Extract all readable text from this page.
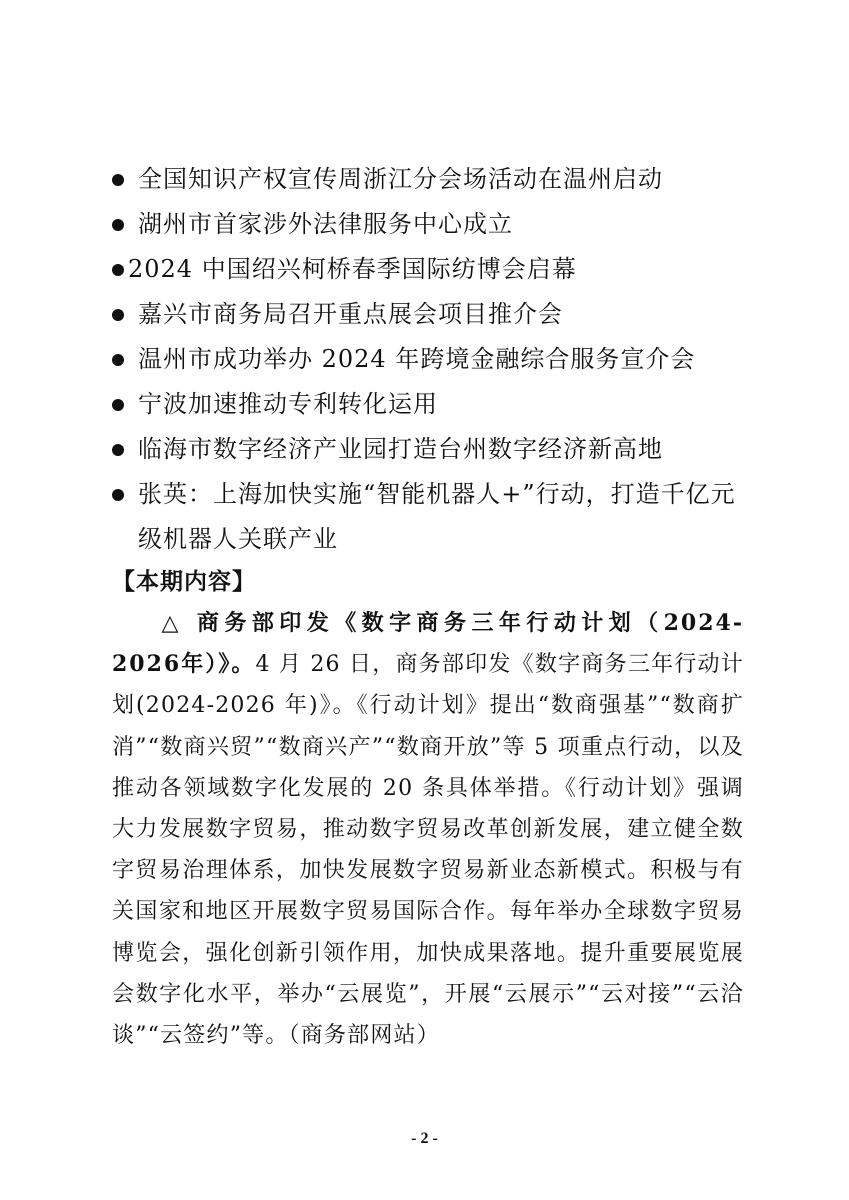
全国知识产权宣传周浙江分会场活动在温州启动
湖州市首家涉外法律服务中心成立
2024 中国绍兴柯桥春季国际纺博会启幕
嘉兴市商务局召开重点展会项目推介会
温州市成功举办 2024 年跨境金融综合服务宣介会
宁波加速推动专利转化运用
临海市数字经济产业园打造台州数字经济新高地
张英：上海加快实施“智能机器人+”行动，打造千亿元级机器人关联产业
【本期内容】
△ 商务部印发《数字商务三年行动计划（2024-2026年）》。4 月 26 日，商务部印发《数字商务三年行动计划(2024-2026 年)》。《行动计划》提出“数商强基”“数商扩消”“数商兴贸”“数商兴产”“数商开放”等 5 项重点行动，以及推动各领域数字化发展的 20 条具体举措。《行动计划》强调大力发展数字贸易，推动数字贸易改革创新发展，建立健全数字贸易治理体系，加快发展数字贸易新业态新模式。积极与有关国家和地区开展数字贸易国际合作。每年举办全球数字贸易博览会，强化创新引领作用，加快成果落地。提升重要展览展会数字化水平，举办“云展览”，开展“云展示”“云对接”“云洽谈”“云签约”等。（商务部网站）
- 2 -
